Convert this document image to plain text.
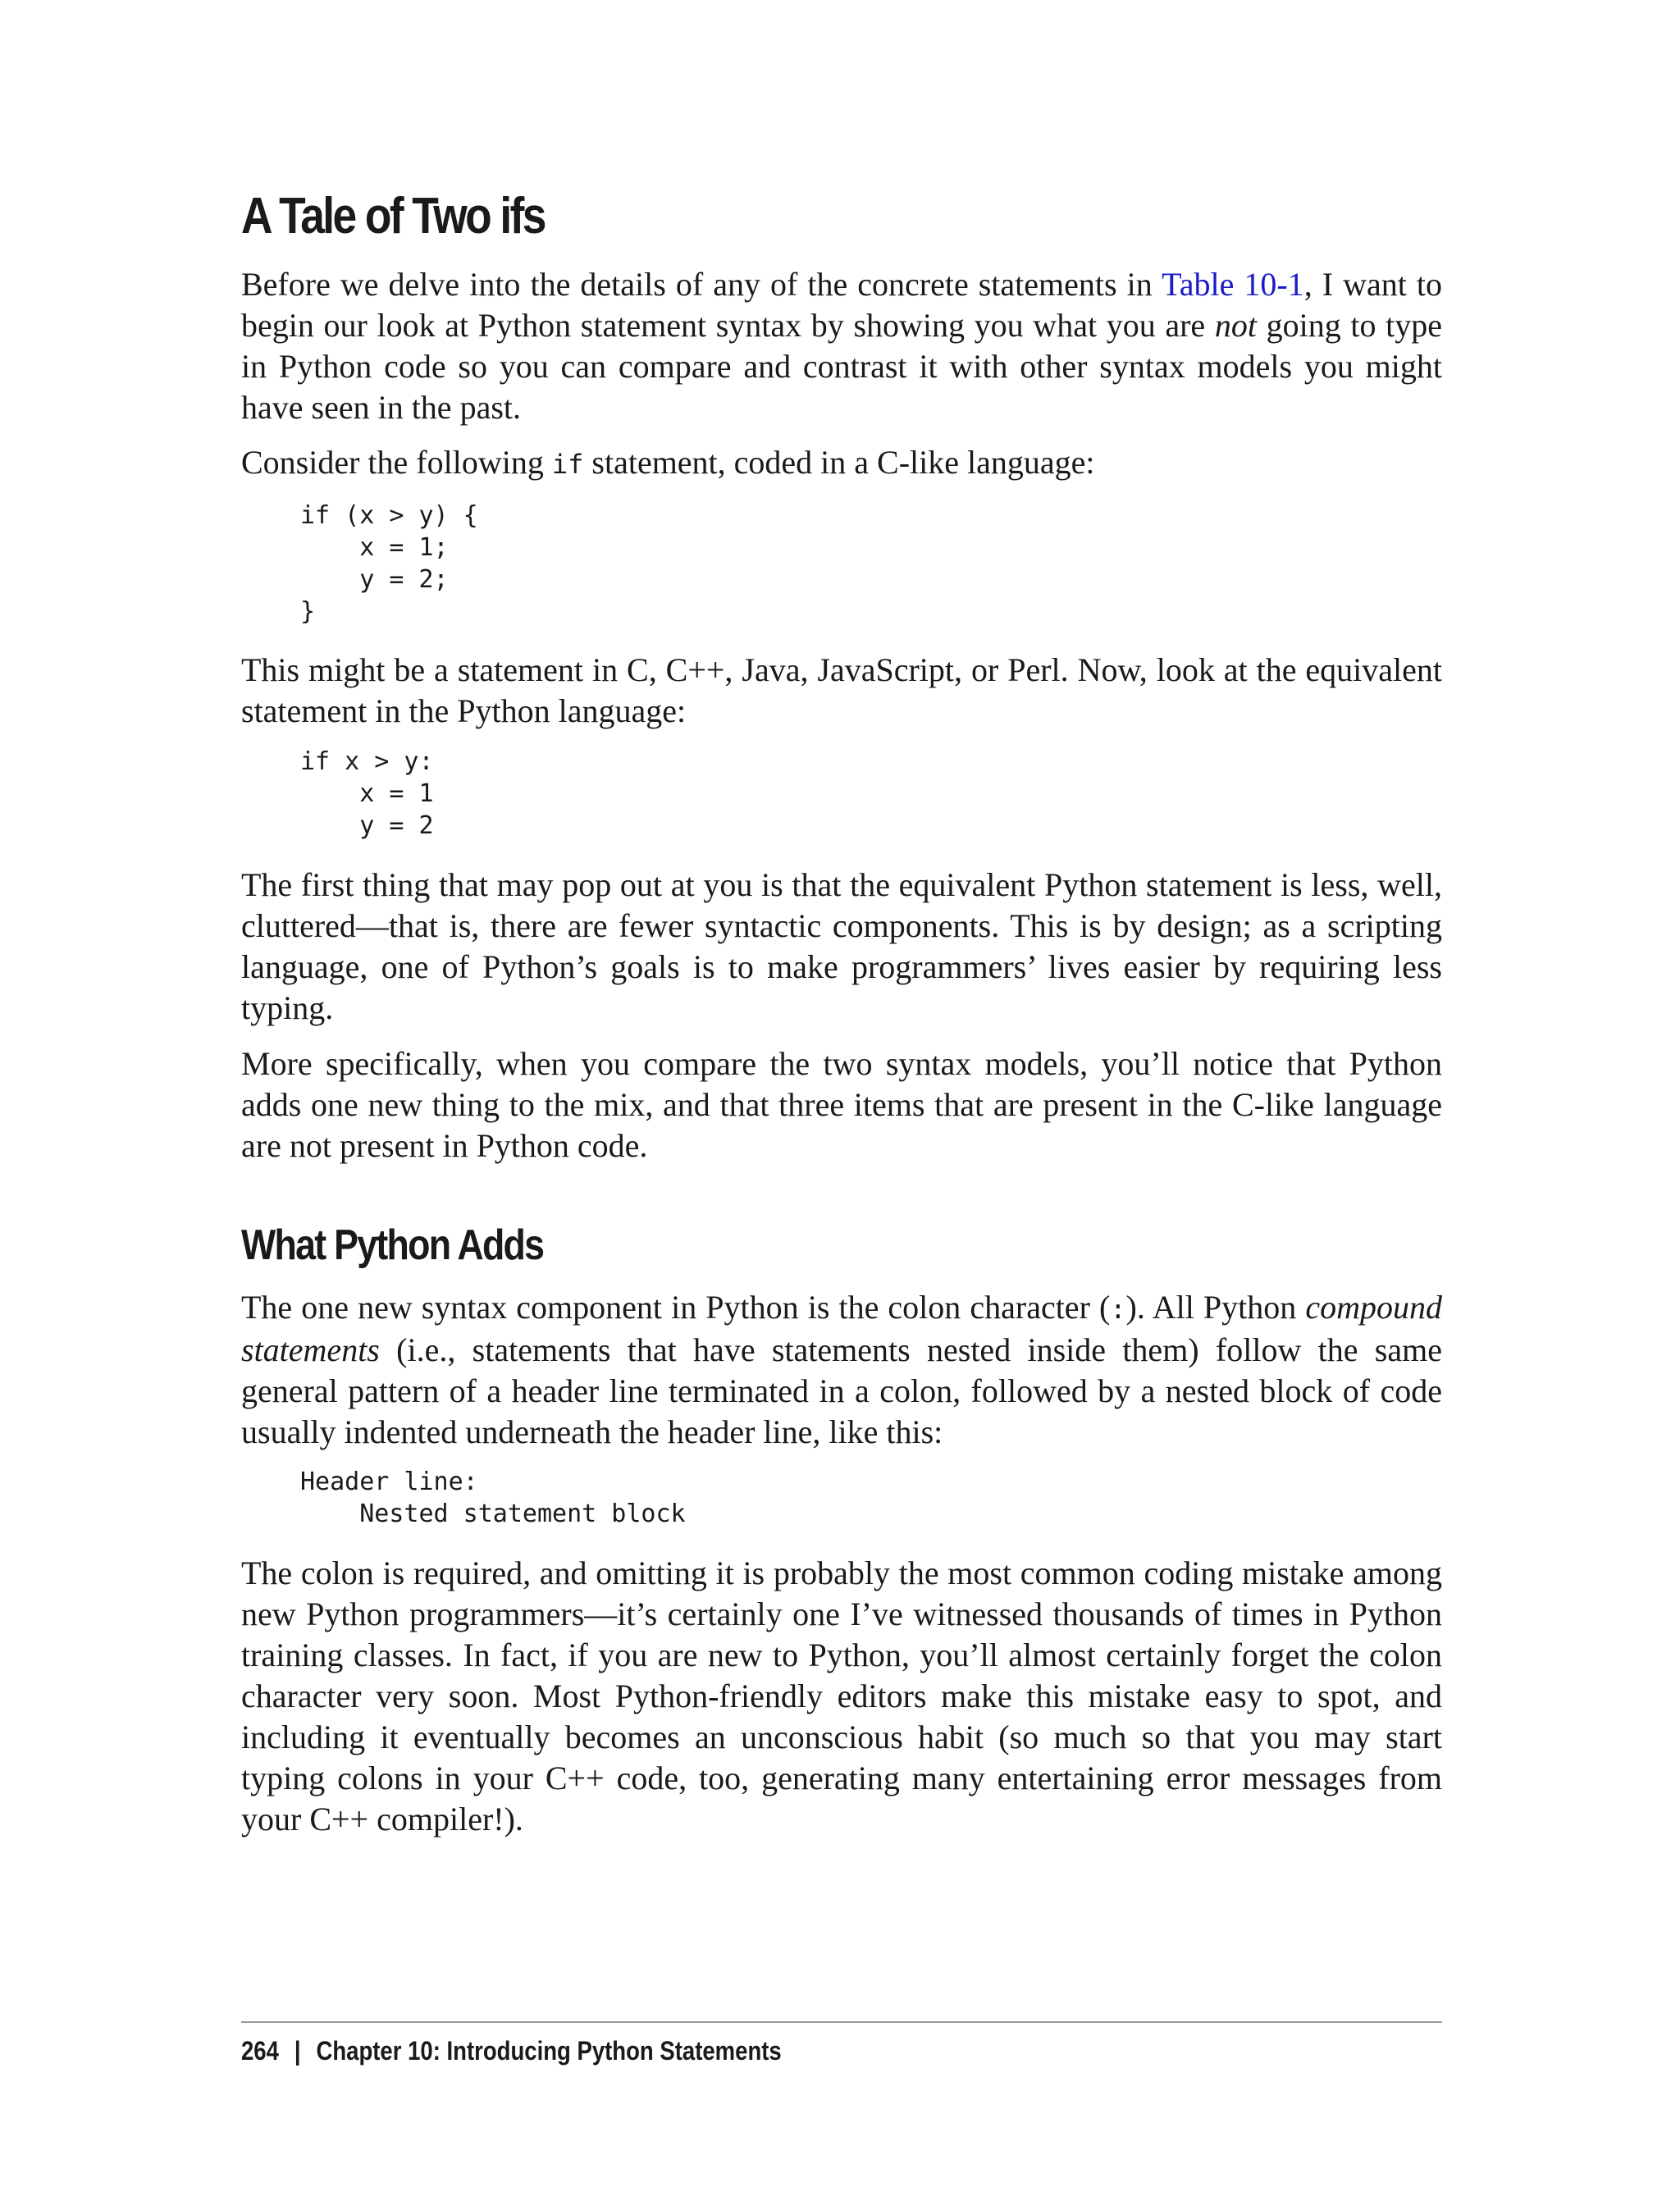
A Tale of Two ifs

Before we delve into the details of any of the concrete statements in Table 10-1, I want to begin our look at Python statement syntax by showing you what you are not going to type in Python code so you can compare and contrast it with other syntax models you might have seen in the past.

Consider the following if statement, coded in a C-like language:

if (x > y) {
x = 1;
y = 2;
}

This might be a statement in C, C++, Java, JavaScript, or Perl. Now, look at the equivalent statement in the Python language:

if x > y:
x = 1
y = 2

The first thing that may pop out at you is that the equivalent Python statement is less, well, cluttered—that is, there are fewer syntactic components. This is by design; as a scripting language, one of Python’s goals is to make programmers’ lives easier by requiring less typing.

More specifically, when you compare the two syntax models, you’ll notice that Python adds one new thing to the mix, and that three items that are present in the C-like language are not present in Python code.

What Python Adds

The one new syntax component in Python is the colon character (:). All Python compound statements (i.e., statements that have statements nested inside them) follow the same general pattern of a header line terminated in a colon, followed by a nested block of code usually indented underneath the header line, like this:

Header line:
Nested statement block

The colon is required, and omitting it is probably the most common coding mistake among new Python programmers—it’s certainly one I’ve witnessed thousands of times in Python training classes. In fact, if you are new to Python, you’ll almost certainly forget the colon character very soon. Most Python-friendly editors make this mistake easy to spot, and including it eventually becomes an unconscious habit (so much so that you may start typing colons in your C++ code, too, generating many entertaining error messages from your C++ compiler!).

264 | Chapter 10: Introducing Python Statements
